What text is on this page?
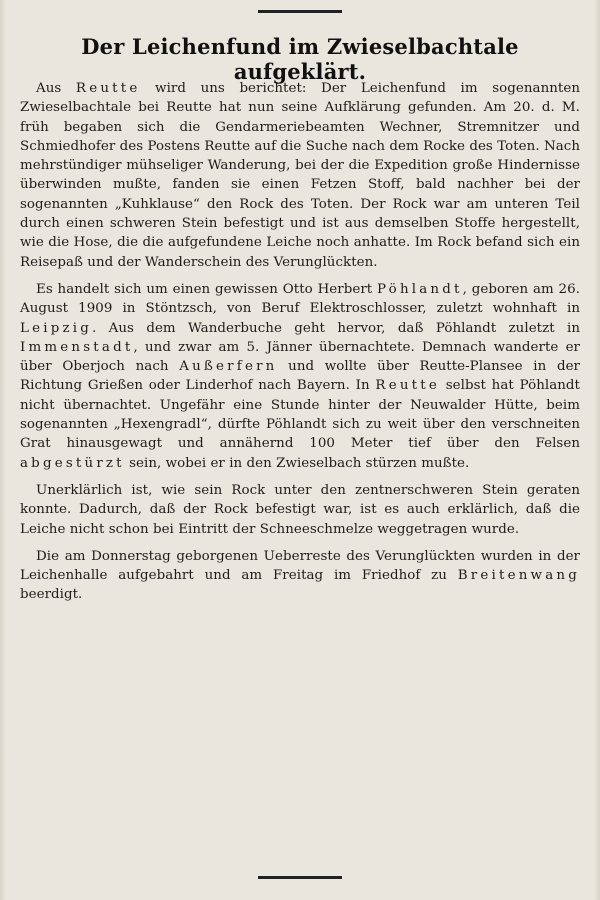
Der Leichenfund im Zwieselbachtale aufgeklärt.

Aus Reutte wird uns berichtet: Der Leichenfund im sogenannten Zwieselbachtale bei Reutte hat nun seine Aufklärung gefunden. Am 20. d. M. früh begaben sich die Gendarmeriebeamten Wechner, Stremnitzer und Schmiedhofer des Postens Reutte auf die Suche nach dem Rocke des Toten. Nach mehrstündiger mühseliger Wanderung, bei der die Expedition große Hindernisse überwinden mußte, fanden sie einen Fetzen Stoff, bald nachher bei der sogenannten „Kuhklause“ den Rock des Toten. Der Rock war am unteren Teil durch einen schweren Stein befestigt und ist aus demselben Stoffe hergestellt, wie die Hose, die die aufgefundene Leiche noch anhatte. Im Rock befand sich ein Reisepaß und der Wanderschein des Verunglückten.

Es handelt sich um einen gewissen Otto Herbert Pöhlandt, geboren am 26. August 1909 in Stöntzsch, von Beruf Elektroschlosser, zuletzt wohnhaft in Leipzig. Aus dem Wanderbuche geht hervor, daß Pöhlandt zuletzt in Immenstadt, und zwar am 5. Jänner übernachtete. Demnach wanderte er über Oberjoch nach Außerfern und wollte über Reutte-Plansee in der Richtung Grießen oder Linderhof nach Bayern. In Reutte selbst hat Pöhlandt nicht übernachtet. Ungefähr eine Stunde hinter der Neuwalder Hütte, beim sogenannten „Hexengradl“, dürfte Pöhlandt sich zu weit über den verschneiten Grat hinausgewagt und annähernd 100 Meter tief über den Felsen abgestürzt sein, wobei er in den Zwieselbach stürzen mußte.

Unerklärlich ist, wie sein Rock unter den zentnerschweren Stein geraten konnte. Dadurch, daß der Rock befestigt war, ist es auch erklärlich, daß die Leiche nicht schon bei Eintritt der Schneeschmelze weggetragen wurde.

Die am Donnerstag geborgenen Ueberreste des Verunglückten wurden in der Leichenhalle aufgebahrt und am Freitag im Friedhof zu Breitenwang beerdigt.
